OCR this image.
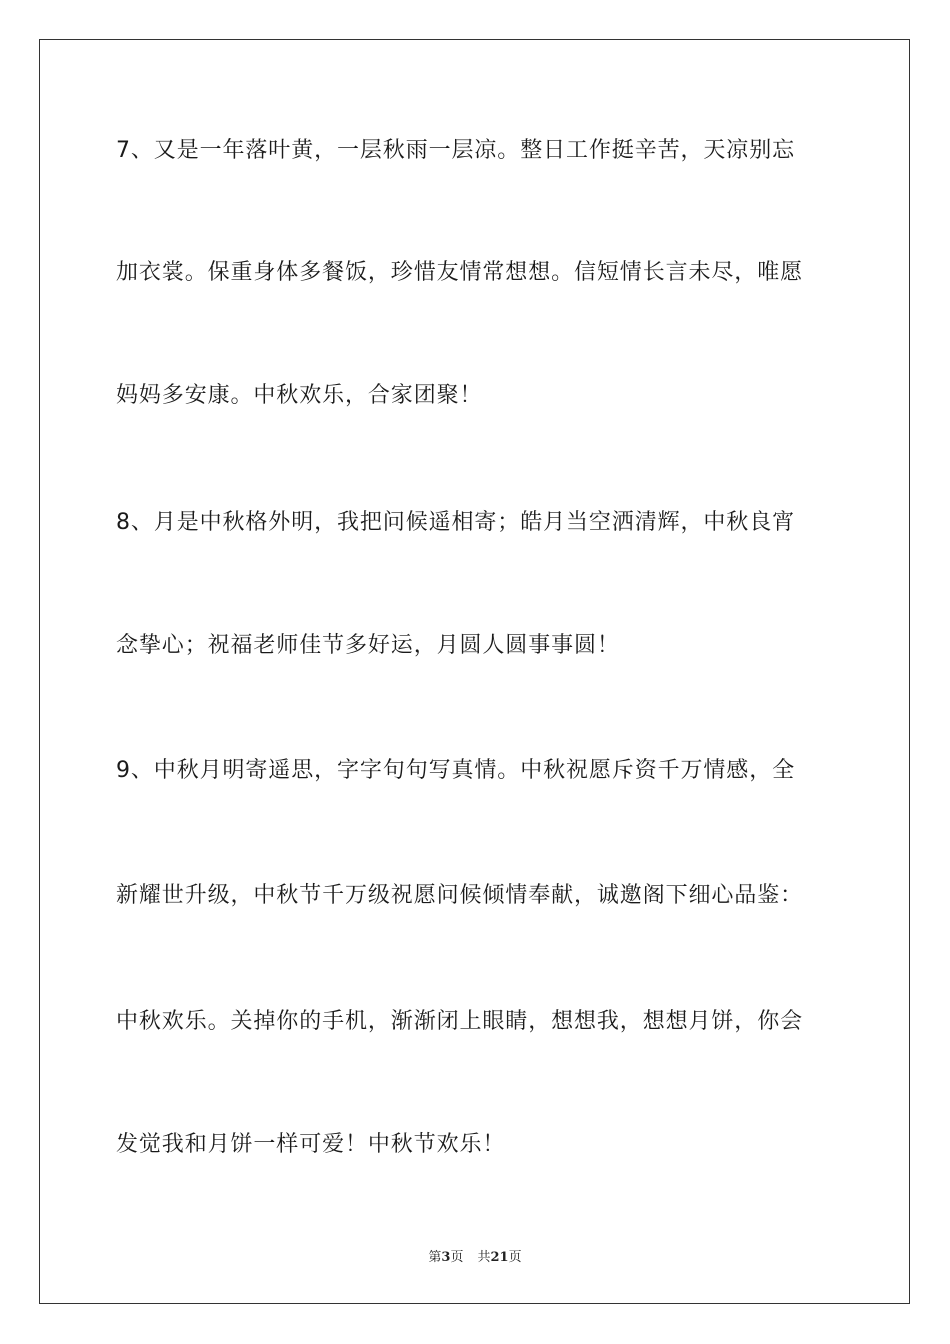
7、又是一年落叶黄，一层秋雨一层凉。整日工作挺辛苦，天凉别忘
加衣裳。保重身体多餐饭，珍惜友情常想想。信短情长言未尽，唯愿
妈妈多安康。中秋欢乐，合家团聚！
8、月是中秋格外明，我把问候遥相寄；皓月当空洒清辉，中秋良宵
念挚心；祝福老师佳节多好运，月圆人圆事事圆！
9、中秋月明寄遥思，字字句句写真情。中秋祝愿斥资千万情感，全
新耀世升级，中秋节千万级祝愿问候倾情奉献，诚邀阁下细心品鉴：
中秋欢乐。关掉你的手机，渐渐闭上眼睛，想想我，想想月饼，你会
发觉我和月饼一样可爱！中秋节欢乐！
第3页 共21页
